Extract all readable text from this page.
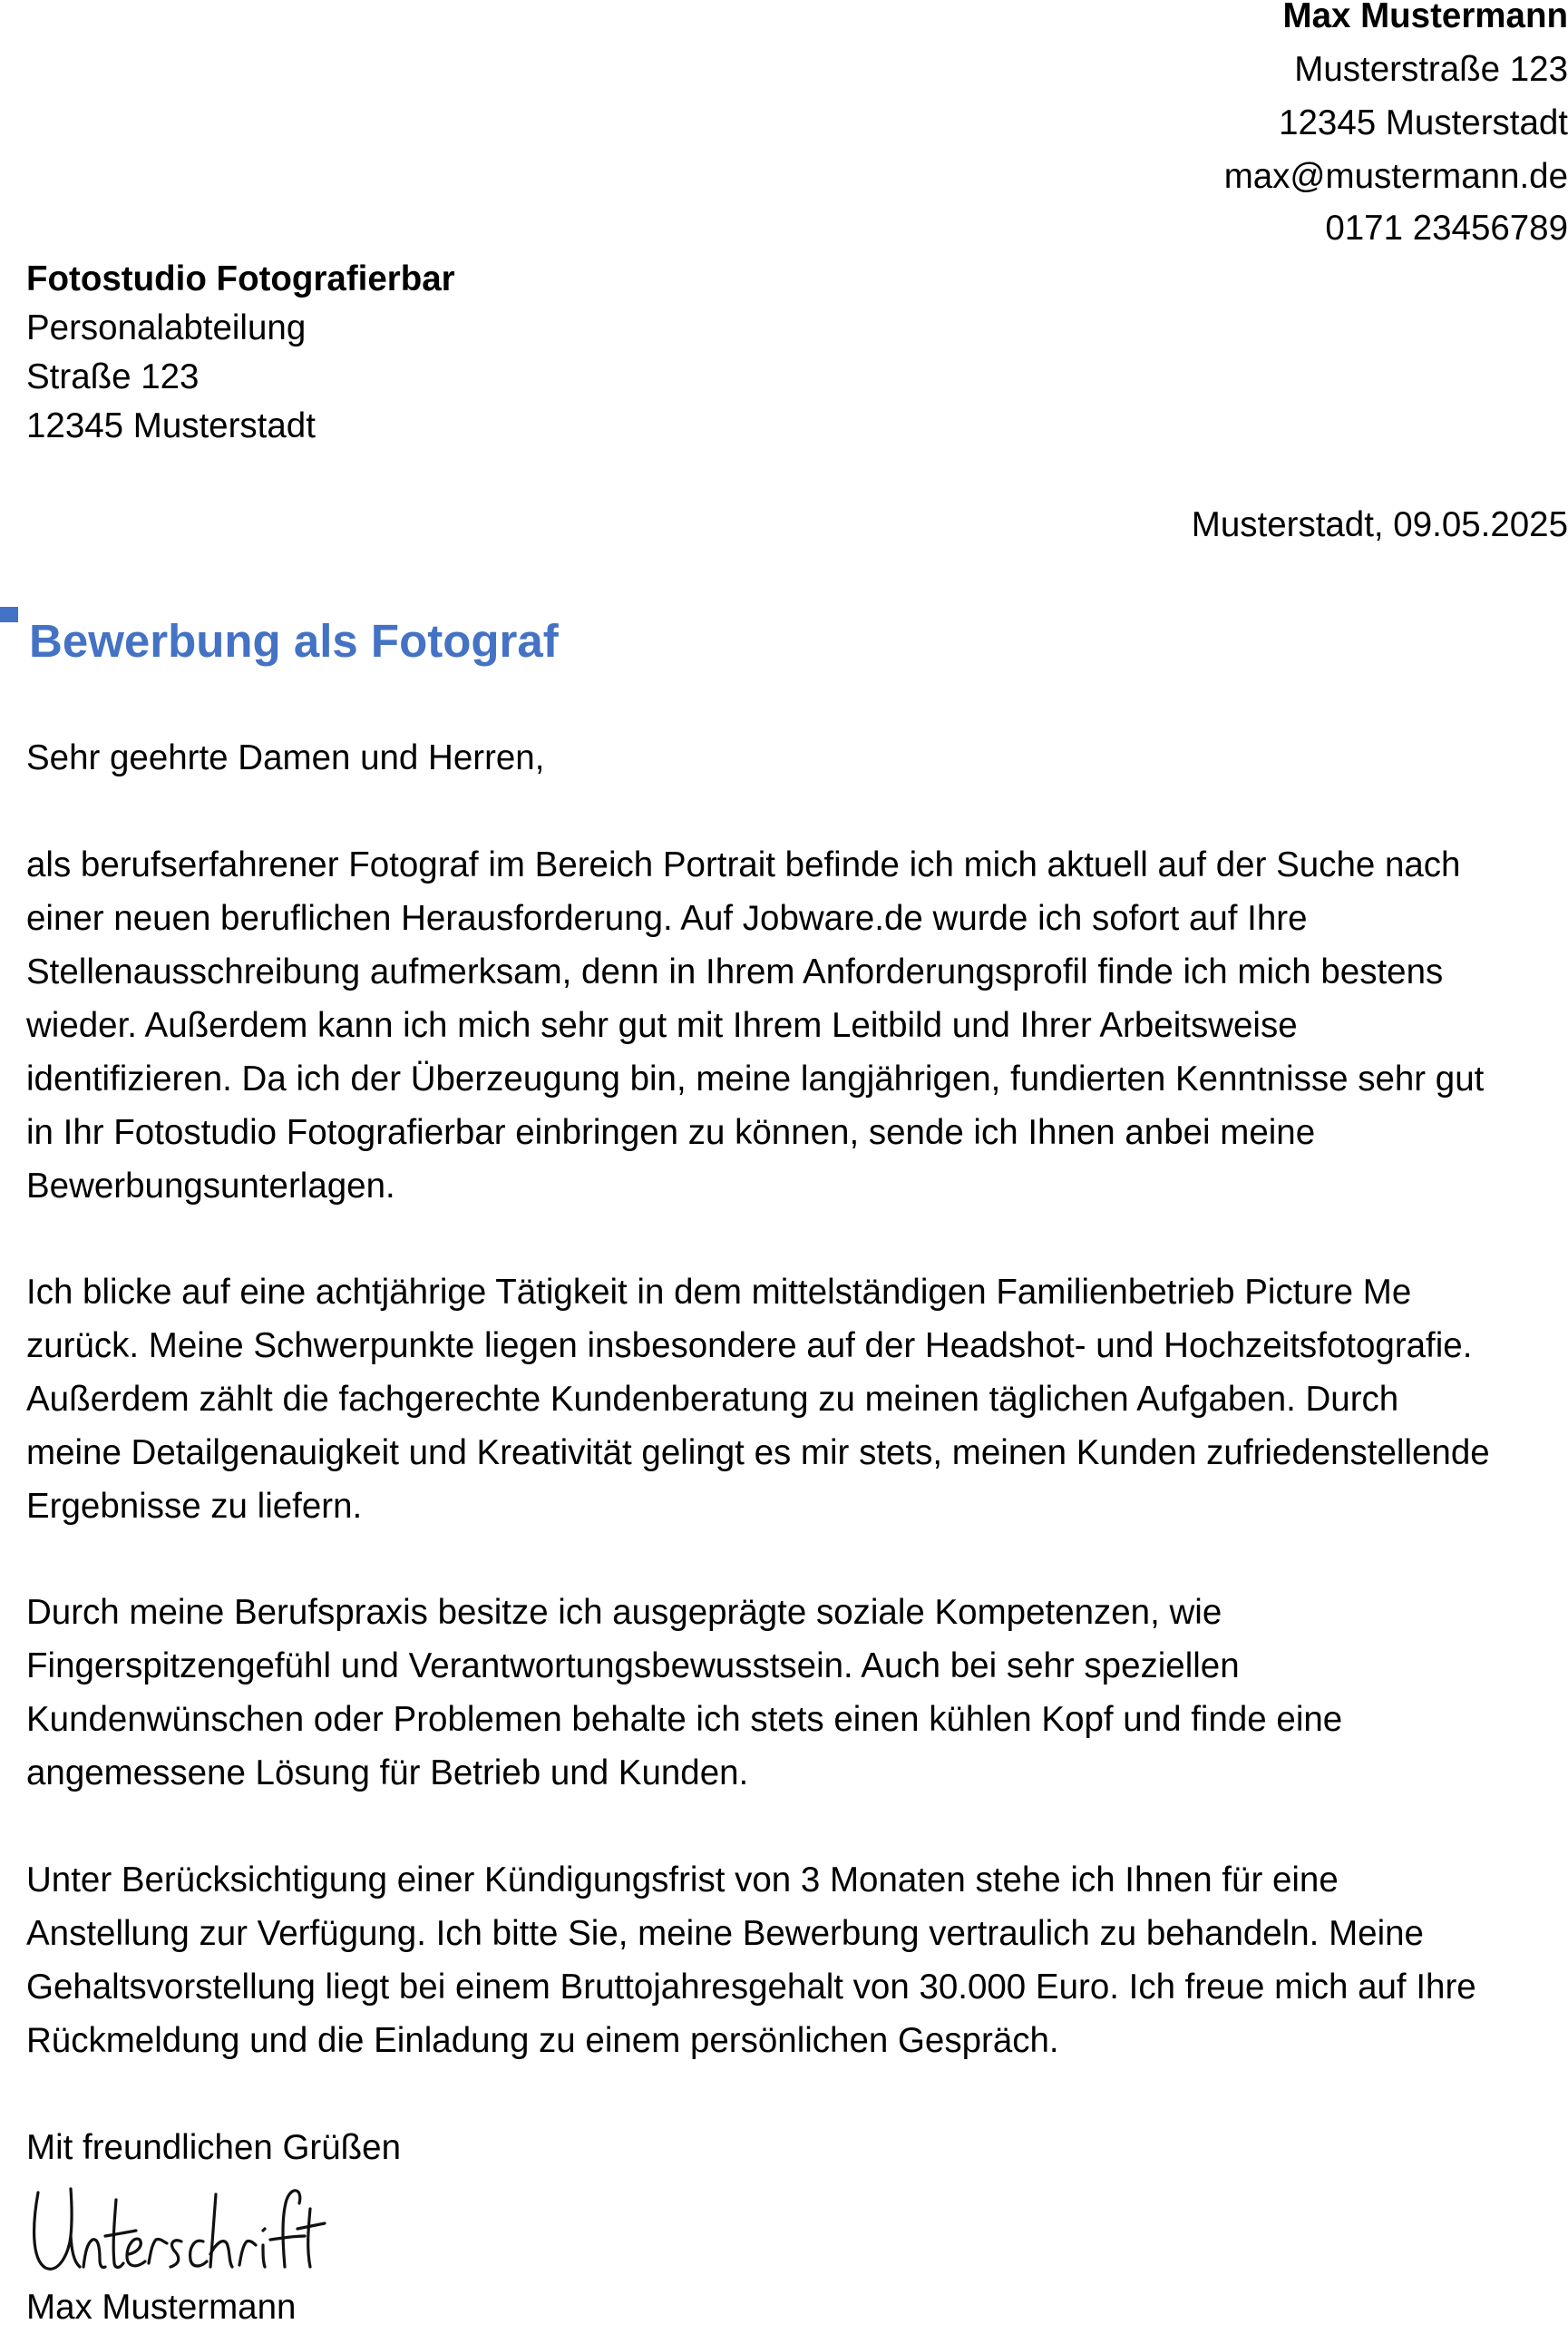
Max Mustermann
Musterstraße 123
12345 Musterstadt
max@mustermann.de
0171 23456789
Fotostudio Fotografierbar
Personalabteilung
Straße 123
12345 Musterstadt
Musterstadt, 09.05.2025
Bewerbung als Fotograf
Sehr geehrte Damen und Herren,
als berufserfahrener Fotograf im Bereich Portrait befinde ich mich aktuell auf der Suche nach
einer neuen beruflichen Herausforderung. Auf Jobware.de wurde ich sofort auf Ihre
Stellenausschreibung aufmerksam, denn in Ihrem Anforderungsprofil finde ich mich bestens
wieder. Außerdem kann ich mich sehr gut mit Ihrem Leitbild und Ihrer Arbeitsweise
identifizieren. Da ich der Überzeugung bin, meine langjährigen, fundierten Kenntnisse sehr gut
in Ihr Fotostudio Fotografierbar einbringen zu können, sende ich Ihnen anbei meine
Bewerbungsunterlagen.
Ich blicke auf eine achtjährige Tätigkeit in dem mittelständigen Familienbetrieb Picture Me
zurück. Meine Schwerpunkte liegen insbesondere auf der Headshot- und Hochzeitsfotografie.
Außerdem zählt die fachgerechte Kundenberatung zu meinen täglichen Aufgaben. Durch
meine Detailgenauigkeit und Kreativität gelingt es mir stets, meinen Kunden zufriedenstellende
Ergebnisse zu liefern.
Durch meine Berufspraxis besitze ich ausgeprägte soziale Kompetenzen, wie
Fingerspitzengefühl und Verantwortungsbewusstsein. Auch bei sehr speziellen
Kundenwünschen oder Problemen behalte ich stets einen kühlen Kopf und finde eine
angemessene Lösung für Betrieb und Kunden.
Unter Berücksichtigung einer Kündigungsfrist von 3 Monaten stehe ich Ihnen für eine
Anstellung zur Verfügung. Ich bitte Sie, meine Bewerbung vertraulich zu behandeln. Meine
Gehaltsvorstellung liegt bei einem Bruttojahresgehalt von 30.000 Euro. Ich freue mich auf Ihre
Rückmeldung und die Einladung zu einem persönlichen Gespräch.
Mit freundlichen Grüßen
Max Mustermann
